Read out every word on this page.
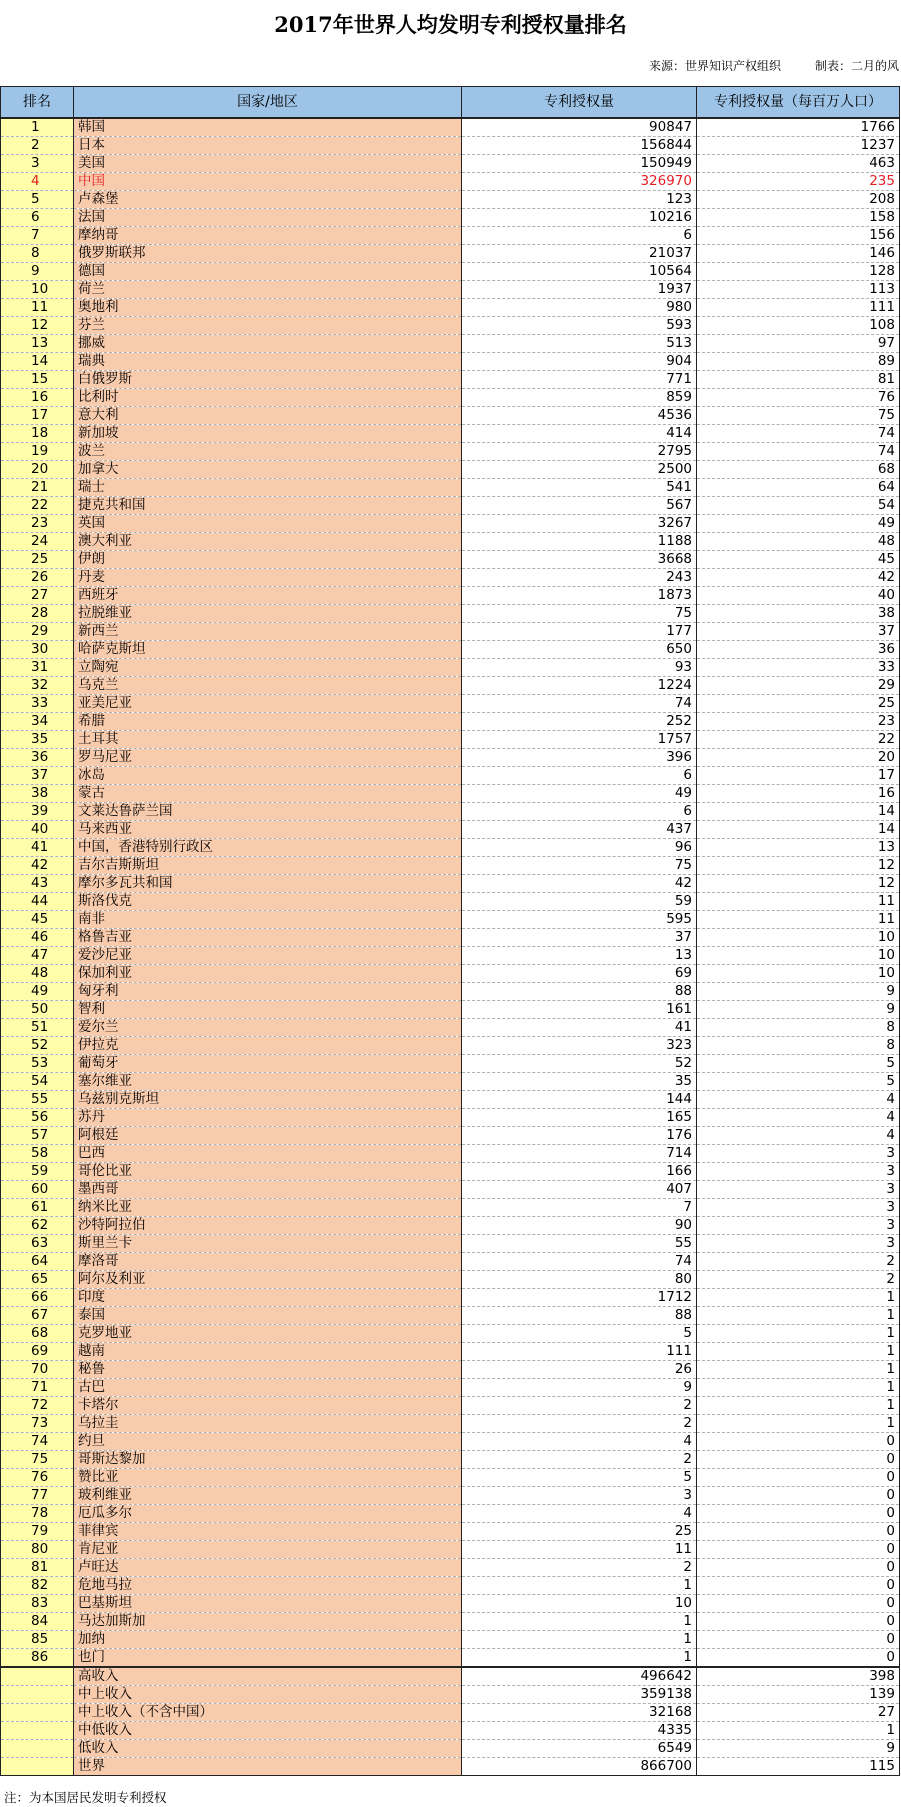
2017年世界人均发明专利授权量排名
来源：世界知识产权组织	制表：二月的风
排名	国家/地区	专利授权量	专利授权量（每百万人口）
1	韩国	90847	1766
2	日本	156844	1237
3	美国	150949	463
4	中国	326970	235
5	卢森堡	123	208
6	法国	10216	158
7	摩纳哥	6	156
8	俄罗斯联邦	21037	146
9	德国	10564	128
10	荷兰	1937	113
11	奥地利	980	111
12	芬兰	593	108
13	挪威	513	97
14	瑞典	904	89
15	白俄罗斯	771	81
16	比利时	859	76
17	意大利	4536	75
18	新加坡	414	74
19	波兰	2795	74
20	加拿大	2500	68
21	瑞士	541	64
22	捷克共和国	567	54
23	英国	3267	49
24	澳大利亚	1188	48
25	伊朗	3668	45
26	丹麦	243	42
27	西班牙	1873	40
28	拉脱维亚	75	38
29	新西兰	177	37
30	哈萨克斯坦	650	36
31	立陶宛	93	33
32	乌克兰	1224	29
33	亚美尼亚	74	25
34	希腊	252	23
35	土耳其	1757	22
36	罗马尼亚	396	20
37	冰岛	6	17
38	蒙古	49	16
39	文莱达鲁萨兰国	6	14
40	马来西亚	437	14
41	中国，香港特别行政区	96	13
42	吉尔吉斯斯坦	75	12
43	摩尔多瓦共和国	42	12
44	斯洛伐克	59	11
45	南非	595	11
46	格鲁吉亚	37	10
47	爱沙尼亚	13	10
48	保加利亚	69	10
49	匈牙利	88	9
50	智利	161	9
51	爱尔兰	41	8
52	伊拉克	323	8
53	葡萄牙	52	5
54	塞尔维亚	35	5
55	乌兹别克斯坦	144	4
56	苏丹	165	4
57	阿根廷	176	4
58	巴西	714	3
59	哥伦比亚	166	3
60	墨西哥	407	3
61	纳米比亚	7	3
62	沙特阿拉伯	90	3
63	斯里兰卡	55	3
64	摩洛哥	74	2
65	阿尔及利亚	80	2
66	印度	1712	1
67	泰国	88	1
68	克罗地亚	5	1
69	越南	111	1
70	秘鲁	26	1
71	古巴	9	1
72	卡塔尔	2	1
73	乌拉圭	2	1
74	约旦	4	0
75	哥斯达黎加	2	0
76	赞比亚	5	0
77	玻利维亚	3	0
78	厄瓜多尔	4	0
79	菲律宾	25	0
80	肯尼亚	11	0
81	卢旺达	2	0
82	危地马拉	1	0
83	巴基斯坦	10	0
84	马达加斯加	1	0
85	加纳	1	0
86	也门	1	0
	高收入	496642	398
	中上收入	359138	139
	中上收入（不含中国）	32168	27
	中低收入	4335	1
	低收入	6549	9
	世界	866700	115
注：为本国居民发明专利授权
